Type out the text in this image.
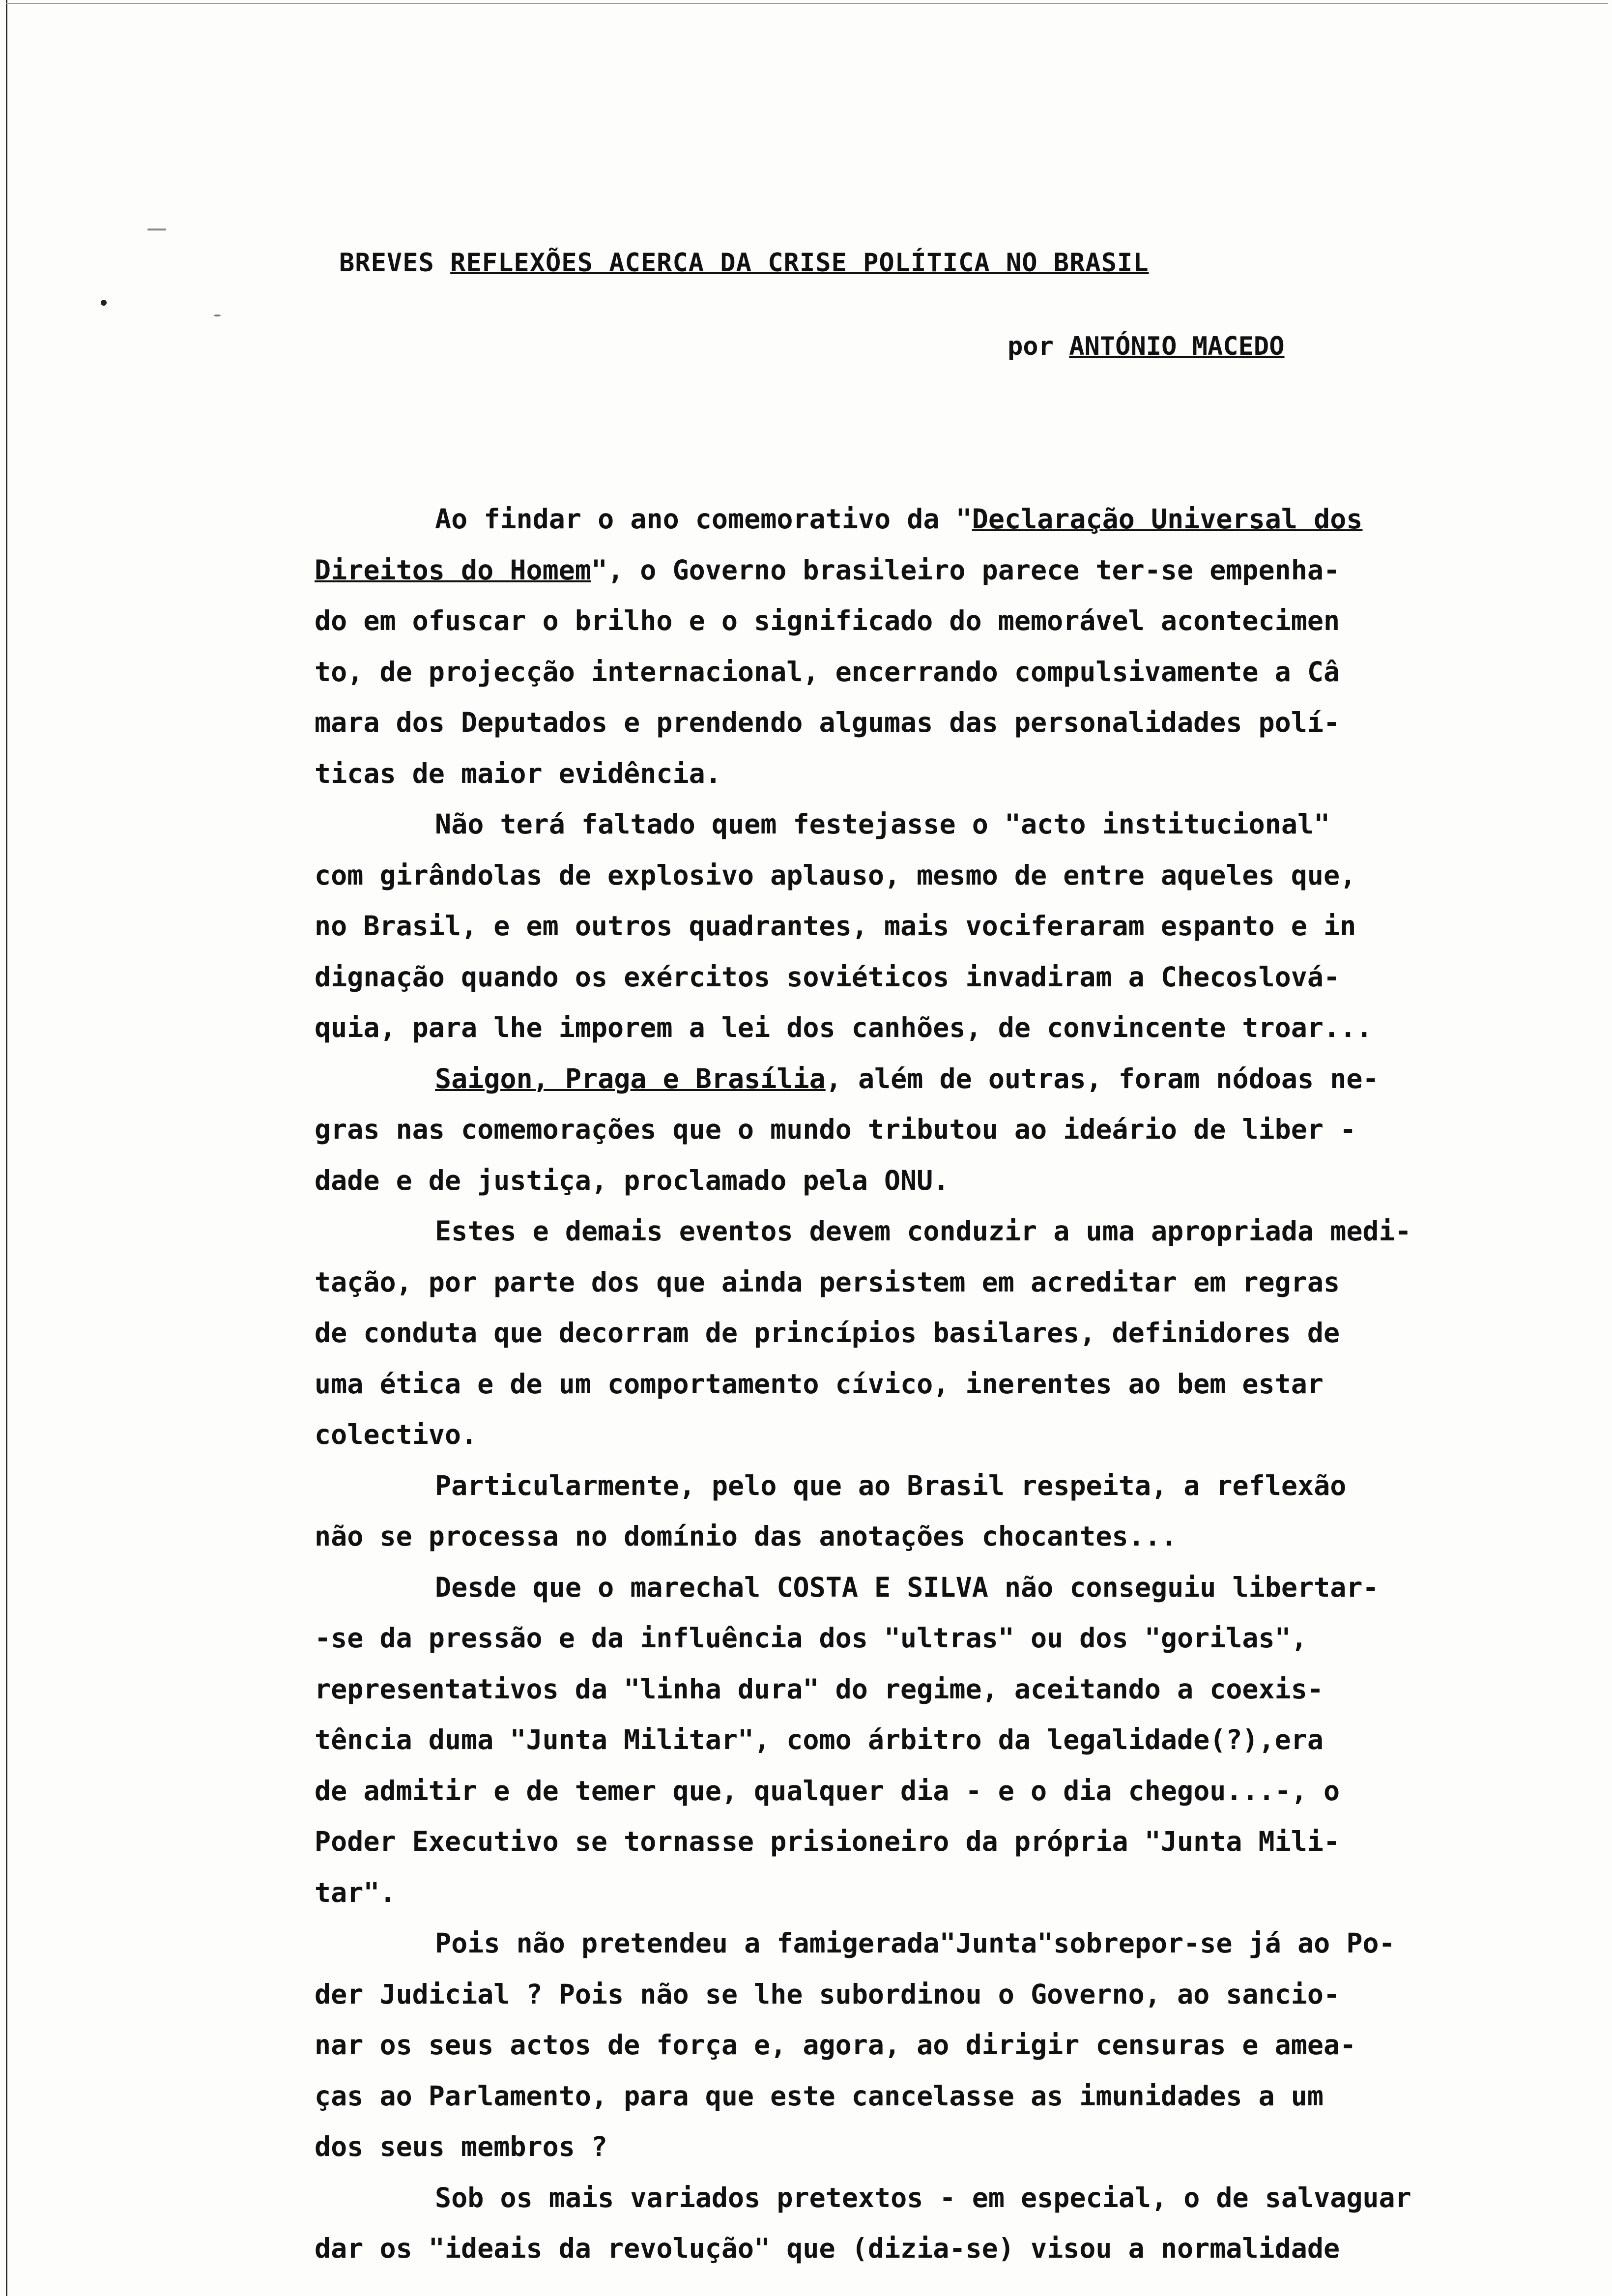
BREVES REFLEXÕES ACERCA DA CRISE POLÍTICA NO BRASIL
por ANTÓNIO MACEDO
Ao findar o ano comemorativo da "Declaração Universal dos
Direitos do Homem", o Governo brasileiro parece ter-se empenha-
do em ofuscar o brilho e o significado do memorável acontecimen
to, de projecção internacional, encerrando compulsivamente a Câ
mara dos Deputados e prendendo algumas das personalidades polí-
ticas de maior evidência.
Não terá faltado quem festejasse o "acto institucional"
com girândolas de explosivo aplauso, mesmo de entre aqueles que,
no Brasil, e em outros quadrantes, mais vociferaram espanto e in
dignação quando os exércitos soviéticos invadiram a Checoslová-
quia, para lhe imporem a lei dos canhões, de convincente troar...
Saigon, Praga e Brasília, além de outras, foram nódoas ne-
gras nas comemorações que o mundo tributou ao ideário de liber -
dade e de justiça, proclamado pela ONU.
Estes e demais eventos devem conduzir a uma apropriada medi-
tação, por parte dos que ainda persistem em acreditar em regras
de conduta que decorram de princípios basilares, definidores de
uma ética e de um comportamento cívico, inerentes ao bem estar
colectivo.
Particularmente, pelo que ao Brasil respeita, a reflexão
não se processa no domínio das anotações chocantes...
Desde que o marechal COSTA E SILVA não conseguiu libertar-
-se da pressão e da influência dos "ultras" ou dos "gorilas",
representativos da "linha dura" do regime, aceitando a coexis-
tência duma "Junta Militar", como árbitro da legalidade(?),era
de admitir e de temer que, qualquer dia - e o dia chegou...-, o
Poder Executivo se tornasse prisioneiro da própria "Junta Mili-
tar".
Pois não pretendeu a famigerada"Junta"sobrepor-se já ao Po-
der Judicial ? Pois não se lhe subordinou o Governo, ao sancio-
nar os seus actos de força e, agora, ao dirigir censuras e amea-
ças ao Parlamento, para que este cancelasse as imunidades a um
dos seus membros ?
Sob os mais variados pretextos - em especial, o de salvaguar
dar os "ideais da revolução" que (dizia-se) visou a normalidade
